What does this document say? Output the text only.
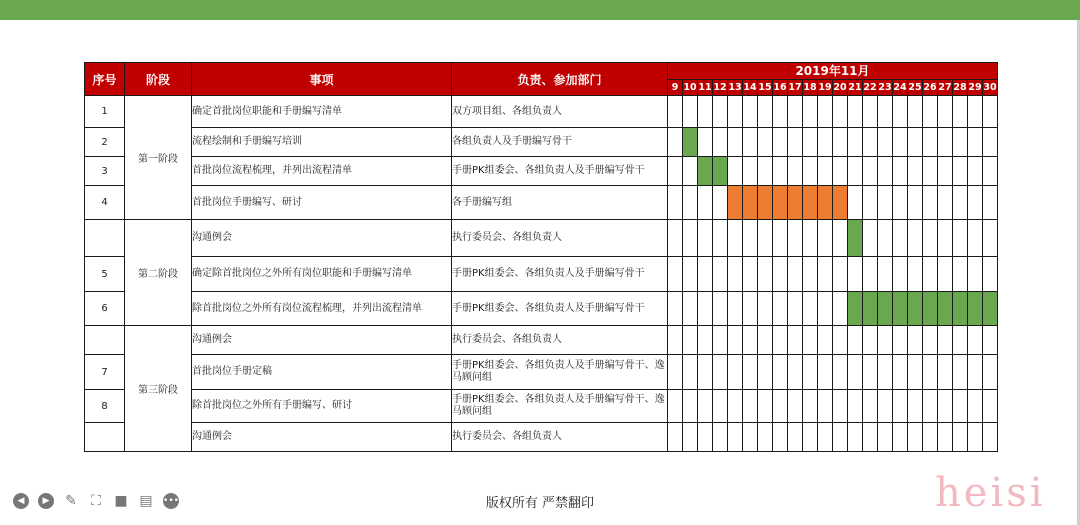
序号	阶段	事项	负责、参加部门	2019年11月																					
				9	10	11	12	13	14	15	16	17	18	19	20	21	22	23	24	25	26	27	28	29	30
1	第一阶段	确定首批岗位职能和手册编写清单	双方项目组、各组负责人																						
2		流程绘制和手册编写培训	各组负责人及手册编写骨干																						
3		首批岗位流程梳理，并列出流程清单	手册PK组委会、各组负责人及手册编写骨干																						
4		首批岗位手册编写、研讨	各手册编写组																						
	第二阶段	沟通例会	执行委员会、各组负责人																						
5		确定除首批岗位之外所有岗位职能和手册编写清单	手册PK组委会、各组负责人及手册编写骨干																						
6		除首批岗位之外所有岗位流程梳理，并列出流程清单	手册PK组委会、各组负责人及手册编写骨干																						
	第三阶段	沟通例会	执行委员会、各组负责人																						
7		首批岗位手册定稿	手册PK组委会、各组负责人及手册编写骨干、逸马顾问组																						
8		除首批岗位之外所有手册编写、研讨	手册PK组委会、各组负责人及手册编写骨干、逸马顾问组																						
		沟通例会	执行委员会、各组负责人																						
◀	▶	✎ ⛶ ■ ▤ •••	版权所有 严禁翻印	heisi
